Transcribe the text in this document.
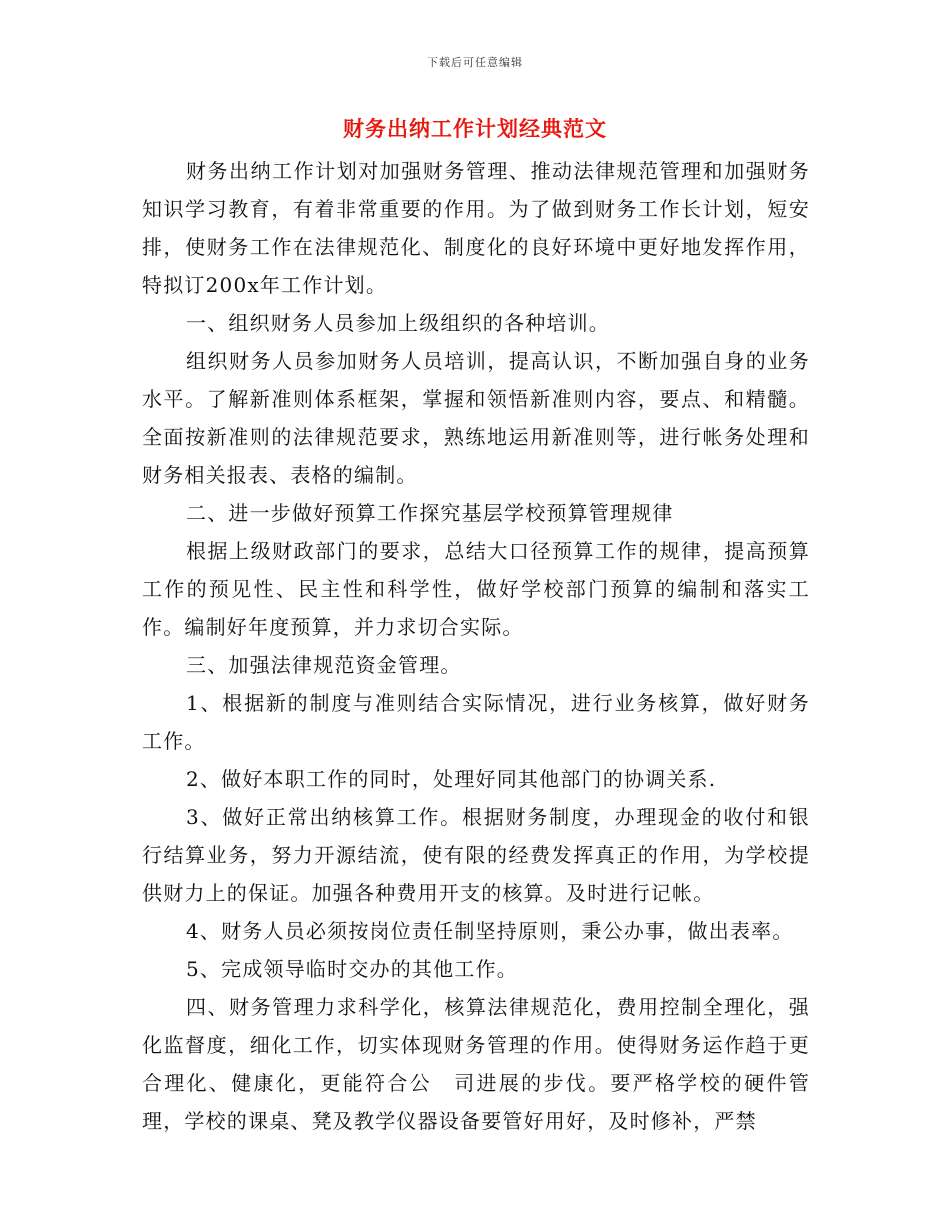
下载后可任意编辑
财务出纳工作计划经典范文

财务出纳工作计划对加强财务管理、推动法律规范管理和加强财务知识学习教育，有着非常重要的作用。为了做到财务工作长计划，短安排，使财务工作在法律规范化、制度化的良好环境中更好地发挥作用，特拟订200x年工作计划。

一、组织财务人员参加上级组织的各种培训。

组织财务人员参加财务人员培训，提高认识，不断加强自身的业务水平。了解新准则体系框架，掌握和领悟新准则内容，要点、和精髓。全面按新准则的法律规范要求，熟练地运用新准则等，进行帐务处理和财务相关报表、表格的编制。

二、进一步做好预算工作探究基层学校预算管理规律

根据上级财政部门的要求，总结大口径预算工作的规律，提高预算工作的预见性、民主性和科学性，做好学校部门预算的编制和落实工作。编制好年度预算，并力求切合实际。

三、加强法律规范资金管理。

1、根据新的制度与准则结合实际情况，进行业务核算，做好财务工作。

2、做好本职工作的同时，处理好同其他部门的协调关系.

3、做好正常出纳核算工作。根据财务制度，办理现金的收付和银行结算业务，努力开源结流，使有限的经费发挥真正的作用，为学校提供财力上的保证。加强各种费用开支的核算。及时进行记帐。

4、财务人员必须按岗位责任制坚持原则，秉公办事，做出表率。

5、完成领导临时交办的其他工作。

四、财务管理力求科学化，核算法律规范化，费用控制全理化，强化监督度，细化工作，切实体现财务管理的作用。使得财务运作趋于更合理化、健康化，更能符合公　司进展的步伐。要严格学校的硬件管理，学校的课桌、凳及教学仪器设备要管好用好，及时修补，严禁
